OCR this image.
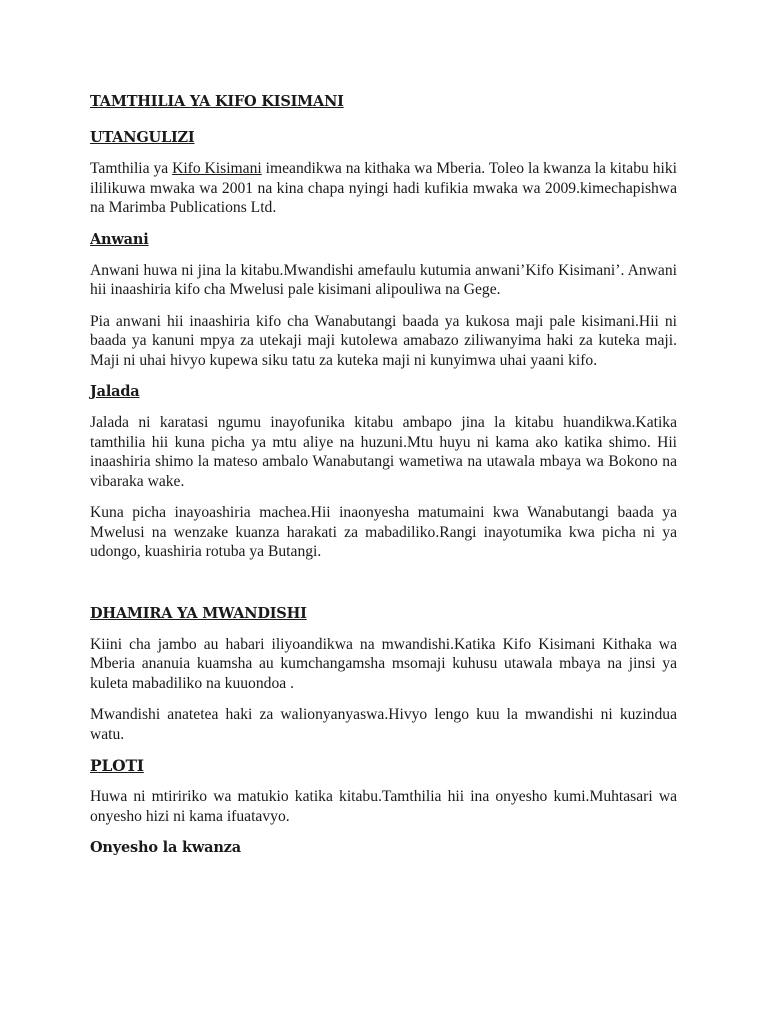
TAMTHILIA YA KIFO KISIMANI
UTANGULIZI

Tamthilia ya Kifo Kisimani imeandikwa na kithaka wa Mberia. Toleo la kwanza la kitabu hiki ililikuwa mwaka wa 2001 na kina chapa nyingi hadi kufikia mwaka wa 2009.kimechapishwa na Marimba Publications Ltd.

Anwani

Anwani huwa ni jina la kitabu.Mwandishi amefaulu kutumia anwani’Kifo Kisimani’. Anwani hii inaashiria kifo cha Mwelusi pale kisimani alipouliwa na Gege.

Pia anwani hii inaashiria kifo cha Wanabutangi baada ya kukosa maji pale kisimani.Hii ni baada ya kanuni mpya za utekaji maji kutolewa amabazo ziliwanyima haki za kuteka maji. Maji ni uhai hivyo kupewa siku tatu za kuteka maji ni kunyimwa uhai yaani kifo.

Jalada

Jalada ni karatasi ngumu inayofunika kitabu ambapo jina la kitabu huandikwa.Katika tamthilia hii kuna picha ya mtu aliye na huzuni.Mtu huyu ni kama ako katika shimo. Hii inaashiria shimo la mateso ambalo Wanabutangi wametiwa na utawala mbaya wa Bokono na vibaraka wake.

Kuna picha inayoashiria machea.Hii inaonyesha matumaini kwa Wanabutangi baada ya Mwelusi na wenzake kuanza harakati za mabadiliko.Rangi inayotumika kwa picha ni ya udongo, kuashiria rotuba ya Butangi.

DHAMIRA YA MWANDISHI

Kiini cha jambo au habari iliyoandikwa na mwandishi.Katika Kifo Kisimani Kithaka wa Mberia ananuia kuamsha au kumchangamsha msomaji kuhusu utawala mbaya na jinsi ya kuleta mabadiliko na kuuondoa .

Mwandishi anatetea haki za walionyanyaswa.Hivyo lengo kuu la mwandishi ni kuzindua watu.

PLOTI

Huwa ni mtiririko wa matukio katika kitabu.Tamthilia hii ina onyesho kumi.Muhtasari wa onyesho hizi ni kama ifuatavyo.

Onyesho la kwanza
